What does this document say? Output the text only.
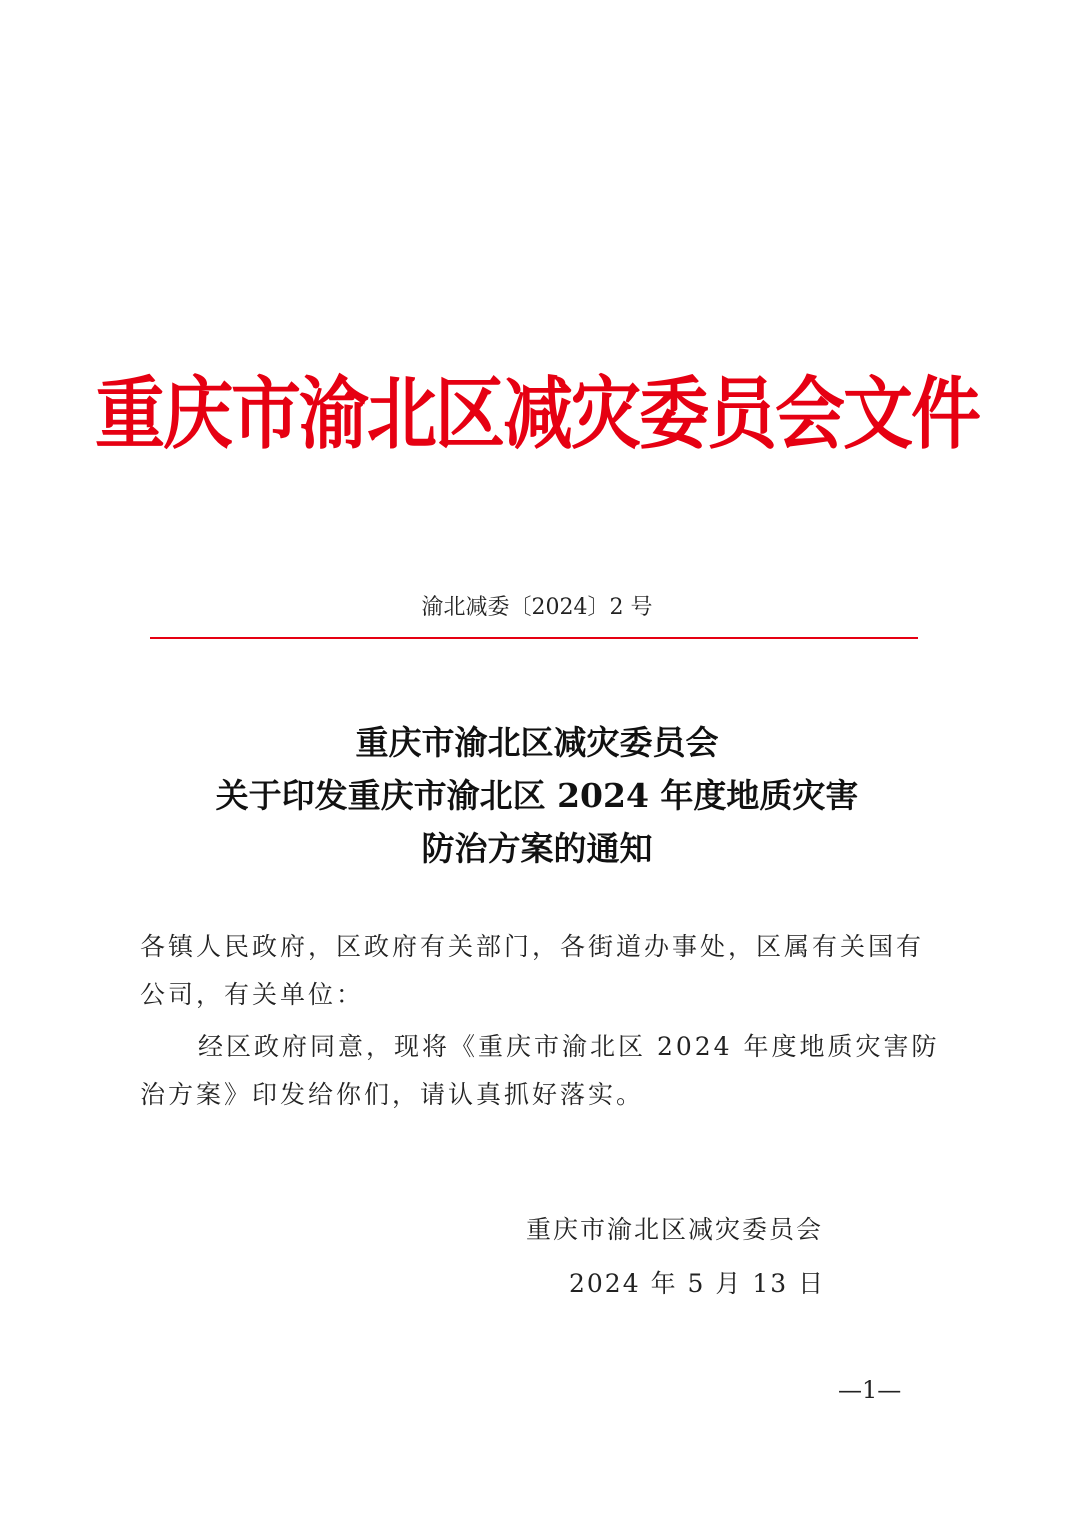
重庆市渝北区减灾委员会文件
渝北减委〔2024〕2 号
重庆市渝北区减灾委员会
关于印发重庆市渝北区 2024 年度地质灾害
防治方案的通知
各镇人民政府，区政府有关部门，各街道办事处，区属有关国有
公司，有关单位：
经区政府同意，现将《重庆市渝北区 2024 年度地质灾害防
治方案》印发给你们，请认真抓好落实。
重庆市渝北区减灾委员会
2024 年 5 月 13 日
—1—
